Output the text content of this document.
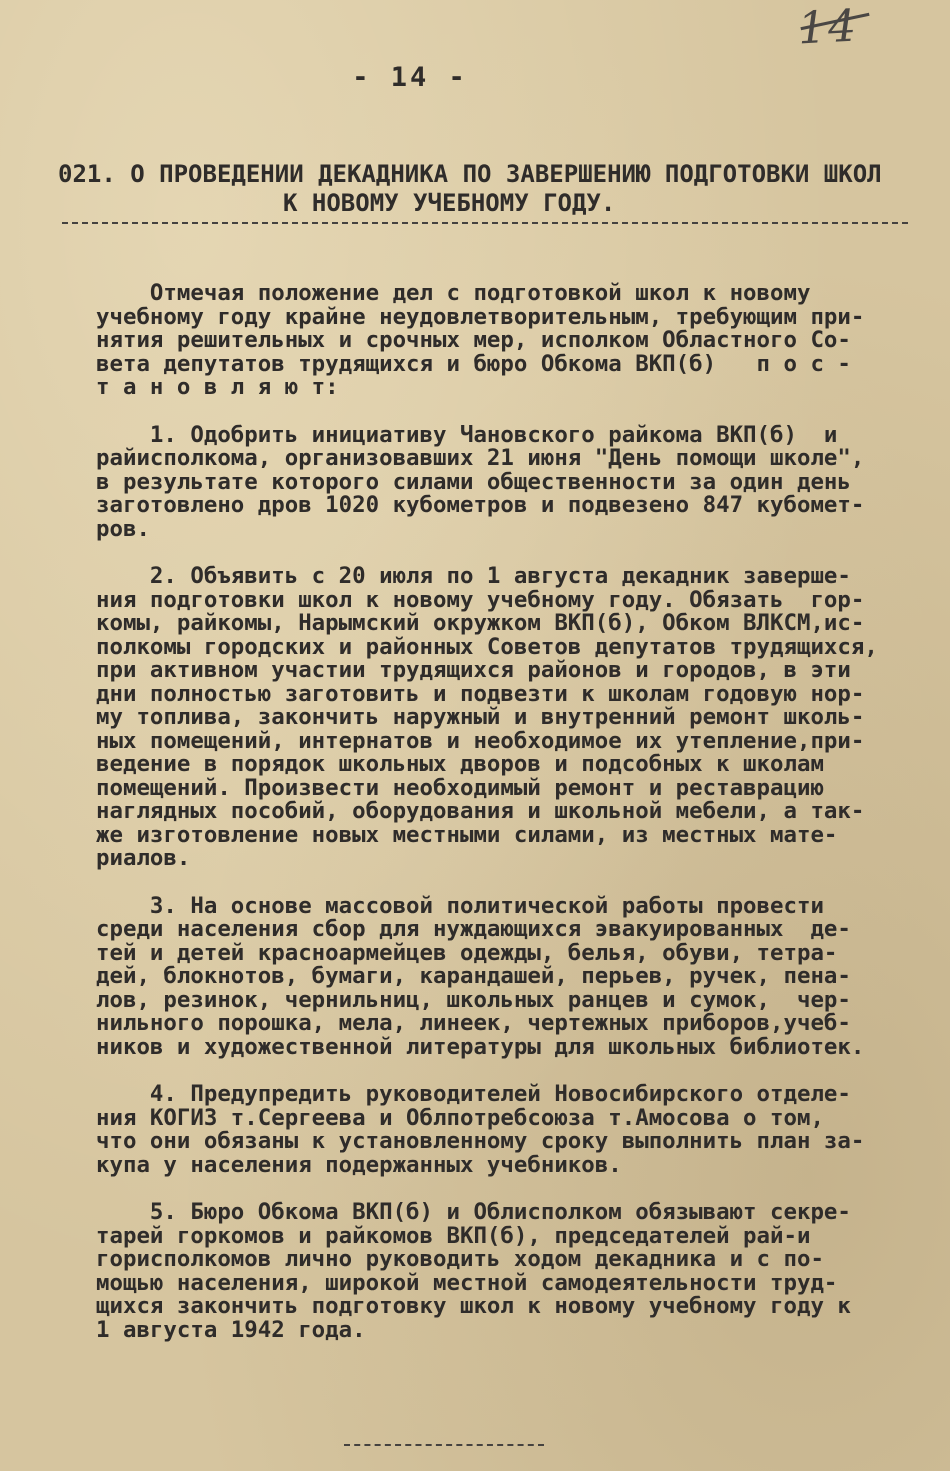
14
- 14 -
021. О ПРОВЕДЕНИИ ДЕКАДНИКА ПО ЗАВЕРШЕНИЮ ПОДГОТОВКИ ШКОЛ
К НОВОМУ УЧЕБНОМУ ГОДУ.
Отмечая положение дел с подготовкой школ к новому
учебному году крайне неудовлетворительным, требующим при-
нятия решительных и срочных мер, исполком Областного Со-
вета депутатов трудящихся и бюро Обкома ВКП(б)   п о с -
т а н о в л я ю т:
1. Одобрить инициативу Чановского райкома ВКП(б)  и
райисполкома, организовавших 21 июня "День помощи школе",
в результате которого силами общественности за один день
заготовлено дров 1020 кубометров и подвезено 847 кубомет-
ров.
2. Объявить с 20 июля по 1 августа декадник заверше-
ния подготовки школ к новому учебному году. Обязать  гор-
комы, райкомы, Нарымский окружком ВКП(б), Обком ВЛКСМ,ис-
полкомы городских и районных Советов депутатов трудящихся,
при активном участии трудящихся районов и городов, в эти
дни полностью заготовить и подвезти к школам годовую нор-
му топлива, закончить наружный и внутренний ремонт школь-
ных помещений, интернатов и необходимое их утепление,при-
ведение в порядок школьных дворов и подсобных к школам
помещений. Произвести необходимый ремонт и реставрацию
наглядных пособий, оборудования и школьной мебели, а так-
же изготовление новых местными силами, из местных мате-
риалов.
3. На основе массовой политической работы провести
среди населения сбор для нуждающихся эвакуированных  де-
тей и детей красноармейцев одежды, белья, обуви, тетра-
дей, блокнотов, бумаги, карандашей, перьев, ручек, пена-
лов, резинок, чернильниц, школьных ранцев и сумок,  чер-
нильного порошка, мела, линеек, чертежных приборов,учеб-
ников и художественной литературы для школьных библиотек.
4. Предупредить руководителей Новосибирского отделе-
ния КОГИЗ т.Сергеева и Облпотребсоюза т.Амосова о том,
что они обязаны к установленному сроку выполнить план за-
купа у населения подержанных учебников.
5. Бюро Обкома ВКП(б) и Облисполком обязывают секре-
тарей горкомов и райкомов ВКП(б), председателей рай-и
горисполкомов лично руководить ходом декадника и с по-
мощью населения, широкой местной самодеятельности труд-
щихся закончить подготовку школ к новому учебному году к
1 августа 1942 года.
